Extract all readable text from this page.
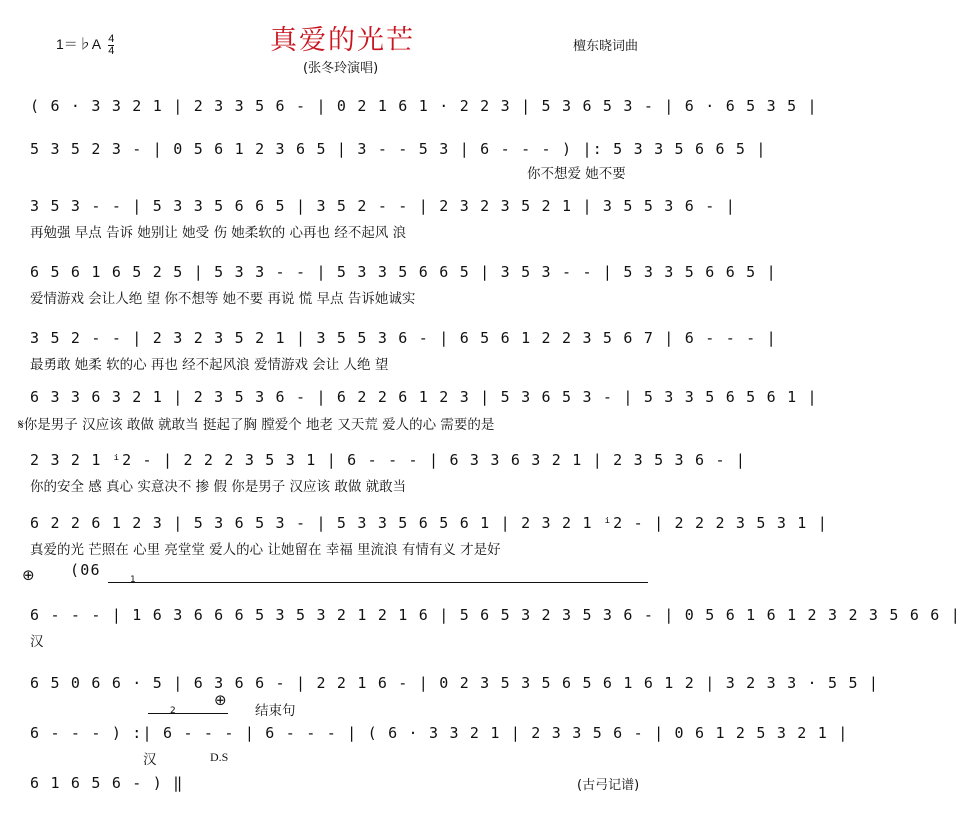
1＝♭A $\frac{4}{4}$	真爱的光芒
(张冬玲演唱)
檀东晓词曲
( 6 · 3 3 2 1 | 2 3 3 5 6 - | 0 2 1 6 1 · 2 2 3 | 5 3 6 5 3 - | 6 · 6 5 3 5 |
5 3 5 2 3 - | 0 5 6 1 2 3 6 5 | 3 - - 5 3 | 6 - - - ) |: 5 3 3 5 6 6 5 |
你不想爱 她不要
3 5 3 - - | 5 3 3 5 6 6 5 | 3 5 2 - - | 2 3 2 3 5 2 1 | 3 5 5 3 6 - |
再勉强 早点 告诉 她别让 她受 伤 她柔软的 心再也 经不起风 浪
6 5 6 1 6 5 2 5 | 5 3 3 - - | 5 3 3 5 6 6 5 | 3 5 3 - - | 5 3 3 5 6 6 5 |
爱情游戏 会让人绝 望 你不想等 她不要 再说 慌 早点 告诉她诚实
3 5 2 - - | 2 3 2 3 5 2 1 | 3 5 5 3 6 - | 6 5 6 1 2 2 3 5 6 7 | 6 - - - |
最勇敢 她柔 软的心 再也 经不起风浪 爱情游戏 会让 人绝 望
6 3 3 6 3 2 1 | 2 3 5 3 6 - | 6 2 2 6 1 2 3 | 5 3 6 5 3 - | 5 3 3 5 6 5 6 1 |
𝄋你是男子 汉应该 敢做 就敢当 挺起了胸 膛爱个 地老 又天荒 爱人的心 需要的是
2 3 2 1 ⁱ2 - | 2 2 2 3 5 3 1 | 6 - - - | 6 3 3 6 3 2 1 | 2 3 5 3 6 - |
你的安全 感 真心 实意决不 掺 假 你是男子 汉应该 敢做 就敢当
6 2 2 6 1 2 3 | 5 3 6 5 3 - | 5 3 3 5 6 5 6 1 | 2 3 2 1 ⁱ2 - | 2 2 2 3 5 3 1 |
真爱的光 芒照在 心里 亮堂堂 爱人的心 让她留在 幸福 里流浪 有情有义 才是好
⊕ (06
1
6 - - - | 1 6 3 6 6 6 5 3 5 3 2 1 2 1 6 | 5 6 5 3 2 3 5 3 6 - | 0 5 6 1 6 1 2 3 2 3 5 6 6 |
汉
6 5 0 6 6 · 5 | 6 3 6 6 - | 2 2 1 6 - | 0 2 3 5 3 5 6 5 6 1 6 1 2 | 3 2 3 3 · 5 5 |
⊕
结束句
2
6 - - - ) :| 6 - - - | 6 - - - | ( 6 · 3 3 2 1 | 2 3 3 5 6 - | 0 6 1 2 5 3 2 1 |
汉	D.S
6 1 6 5 6 - ) ‖	(古弓记谱)
